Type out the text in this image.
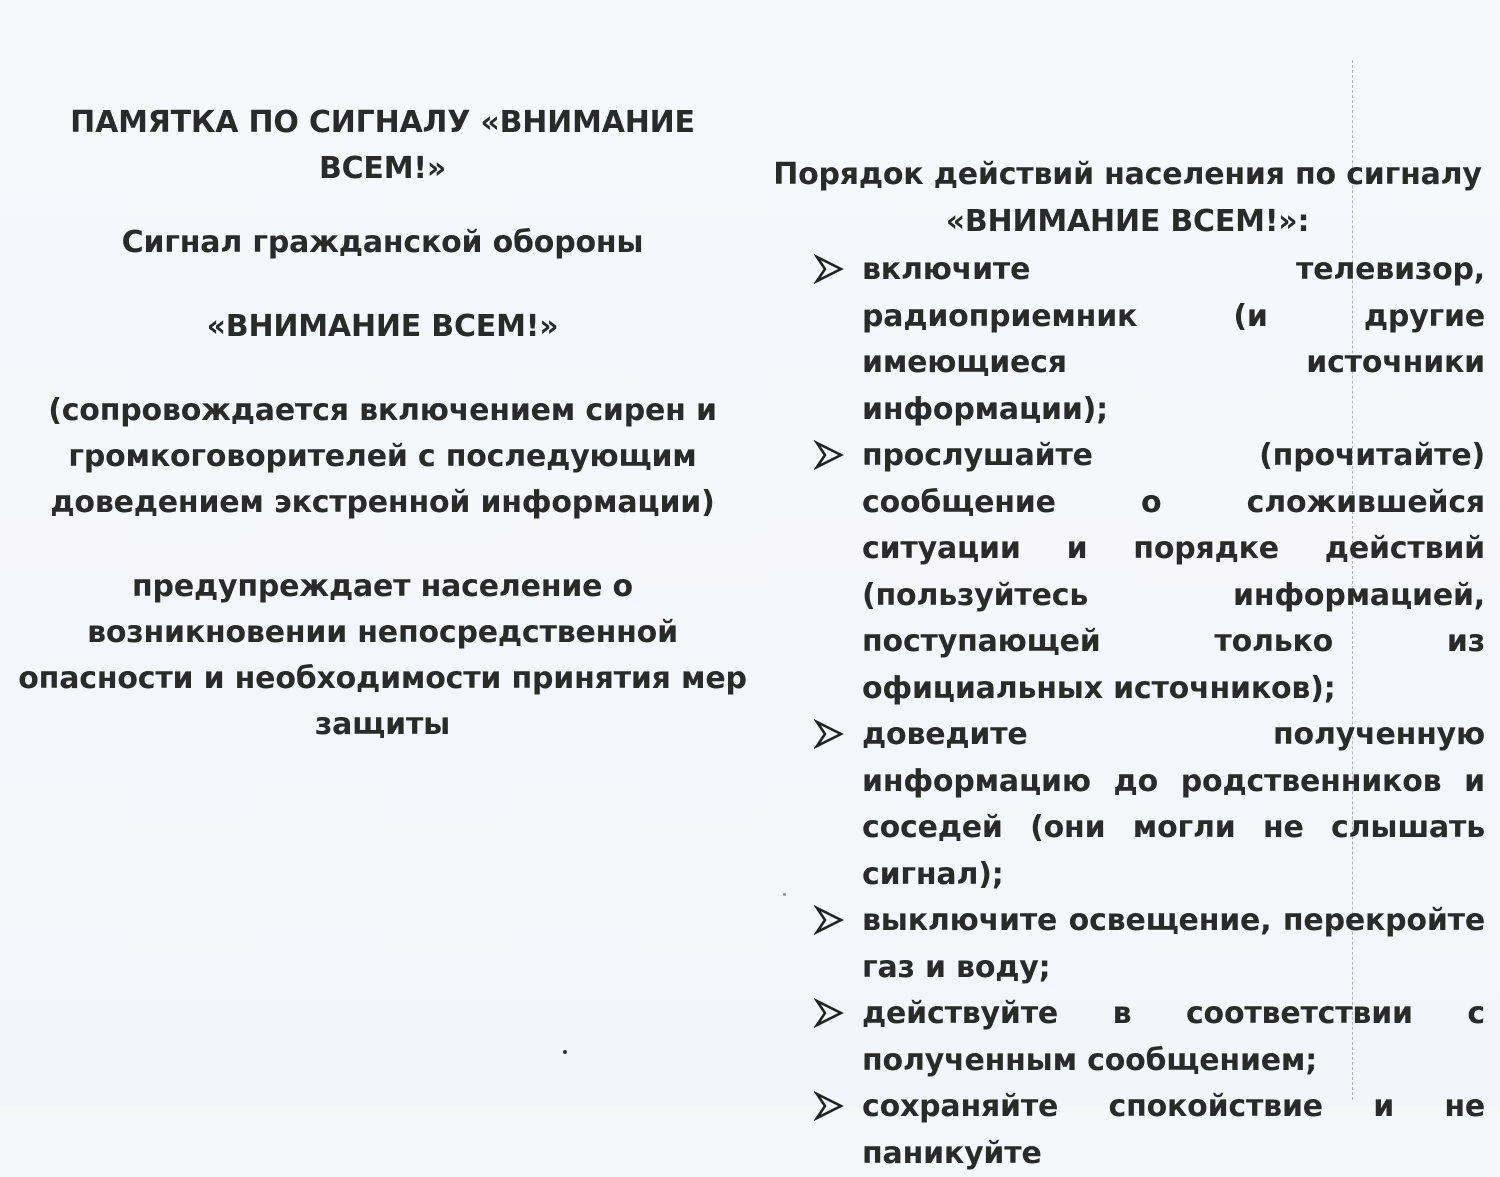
ПАМЯТКА ПО СИГНАЛУ «ВНИМАНИЕ ВСЕМ!»
Сигнал гражданской обороны
«ВНИМАНИЕ ВСЕМ!»
(сопровождается включением сирен и громкоговорителей с последующим доведением экстренной информации)
предупреждает население о возникновении непосредственной опасности и необходимости принятия мер защиты
Порядок действий населения по сигналу «ВНИМАНИЕ ВСЕМ!»:
включите телевизор, радиоприемник (и другие имеющиеся источники информации);
прослушайте (прочитайте) сообщение о сложившейся ситуации и порядке действий (пользуйтесь информацией, поступающей только из официальных источников);
доведите полученную информацию до родственников и соседей (они могли не слышать сигнал);
выключите освещение, перекройте газ и воду;
действуйте в соответствии с полученным сообщением;
сохраняйте спокойствие и не паникуйте
